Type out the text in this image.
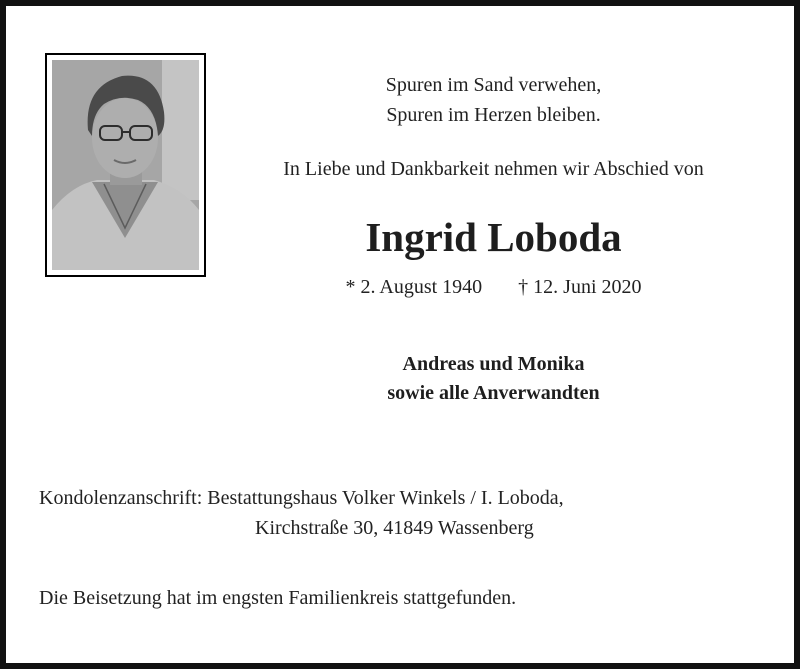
Spuren im Sand verwehen,
Spuren im Herzen bleiben.
In Liebe und Dankbarkeit nehmen wir Abschied von
Ingrid Loboda
* 2. August 1940 † 12. Juni 2020
Andreas und Monika
sowie alle Anverwandten
Kondolenzanschrift: Bestattungshaus Volker Winkels / I. Loboda,
Kirchstraße 30, 41849 Wassenberg
Die Beisetzung hat im engsten Familienkreis stattgefunden.
